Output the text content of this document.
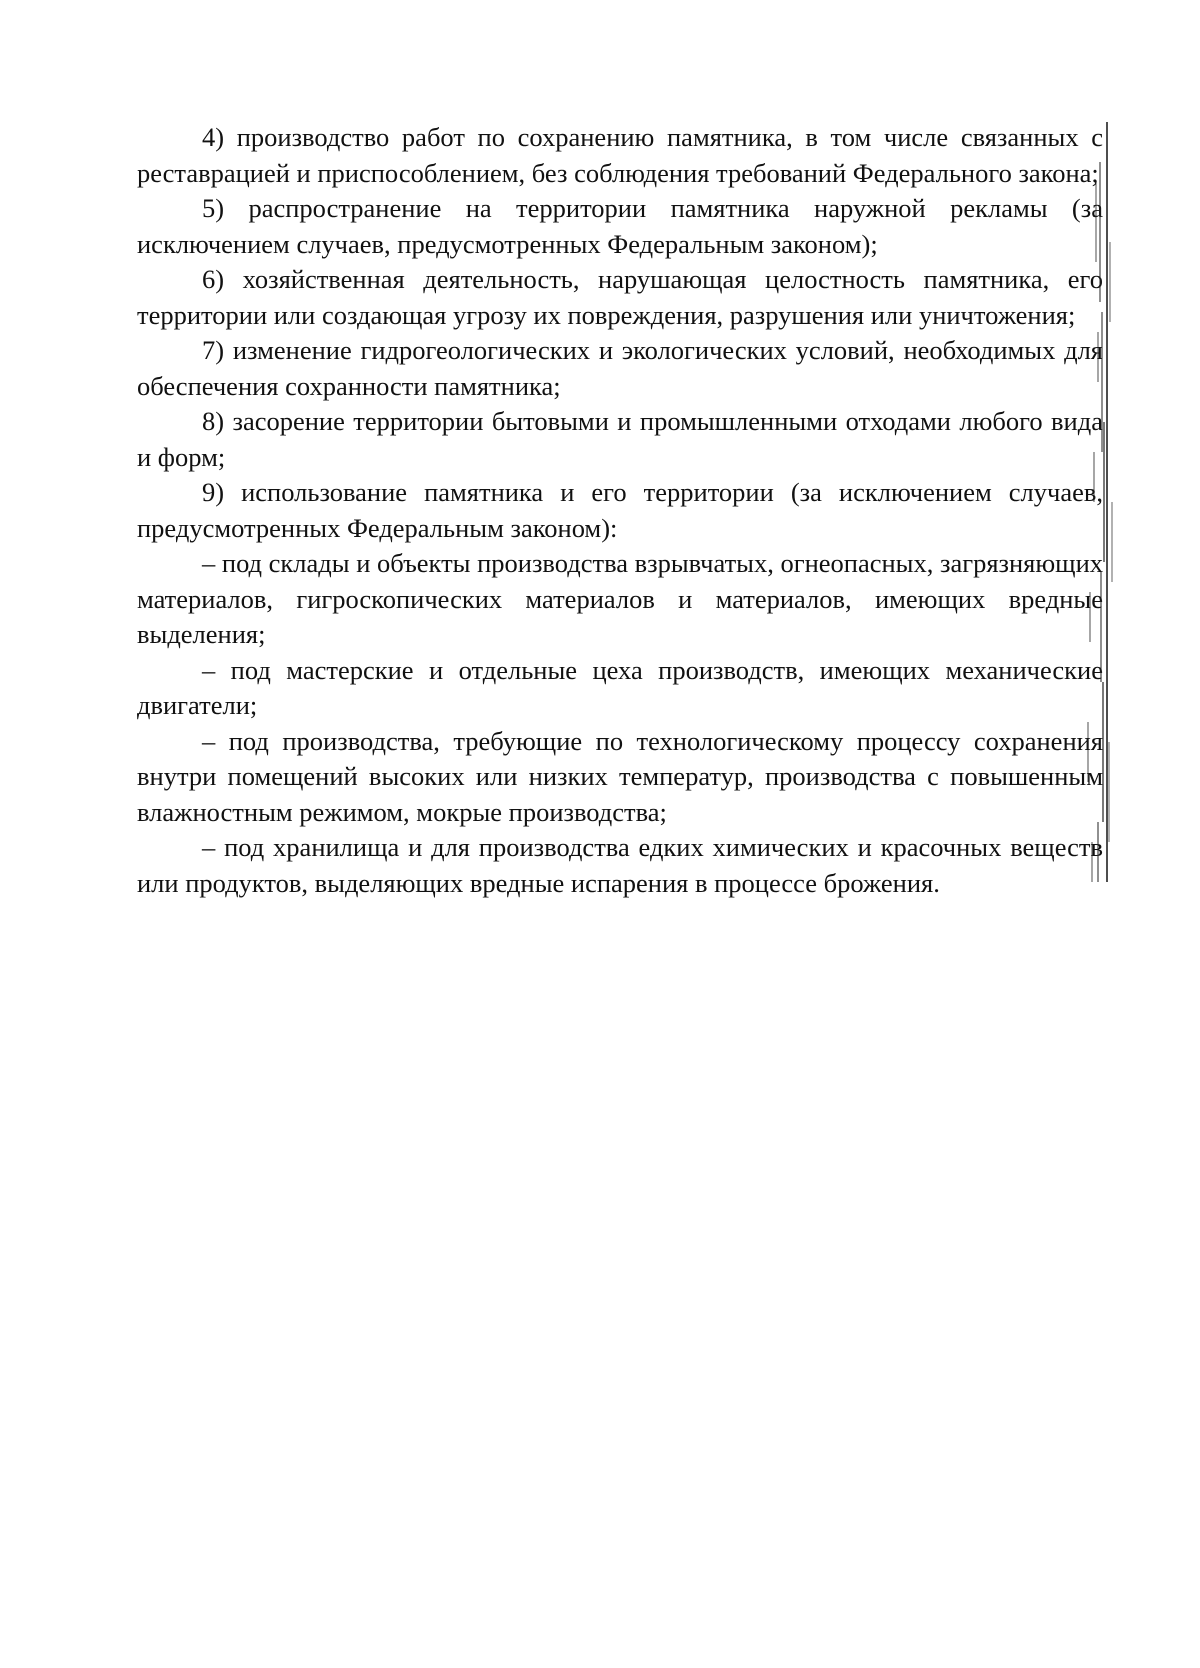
4) производство работ по сохранению памятника, в том числе связанных с реставрацией и приспособлением, без соблюдения требований Федерального закона;

5) распространение на территории памятника наружной рекламы (за исключением случаев, предусмотренных Федеральным законом);

6) хозяйственная деятельность, нарушающая целостность памятника, его территории или создающая угрозу их повреждения, разрушения или уничтожения;

7) изменение гидрогеологических и экологических условий, необходимых для обеспечения сохранности памятника;

8) засорение территории бытовыми и промышленными отходами любого вида и форм;

9) использование памятника и его территории (за исключением случаев, предусмотренных Федеральным законом):

– под склады и объекты производства взрывчатых, огнеопасных, загрязняющих материалов, гигроскопических материалов и материалов, имеющих вредные выделения;

– под мастерские и отдельные цеха производств, имеющих механические двигатели;

– под производства, требующие по технологическому процессу сохранения внутри помещений высоких или низких температур, производства с повышенным влажностным режимом, мокрые производства;

– под хранилища и для производства едких химических и красочных веществ или продуктов, выделяющих вредные испарения в процессе брожения.
